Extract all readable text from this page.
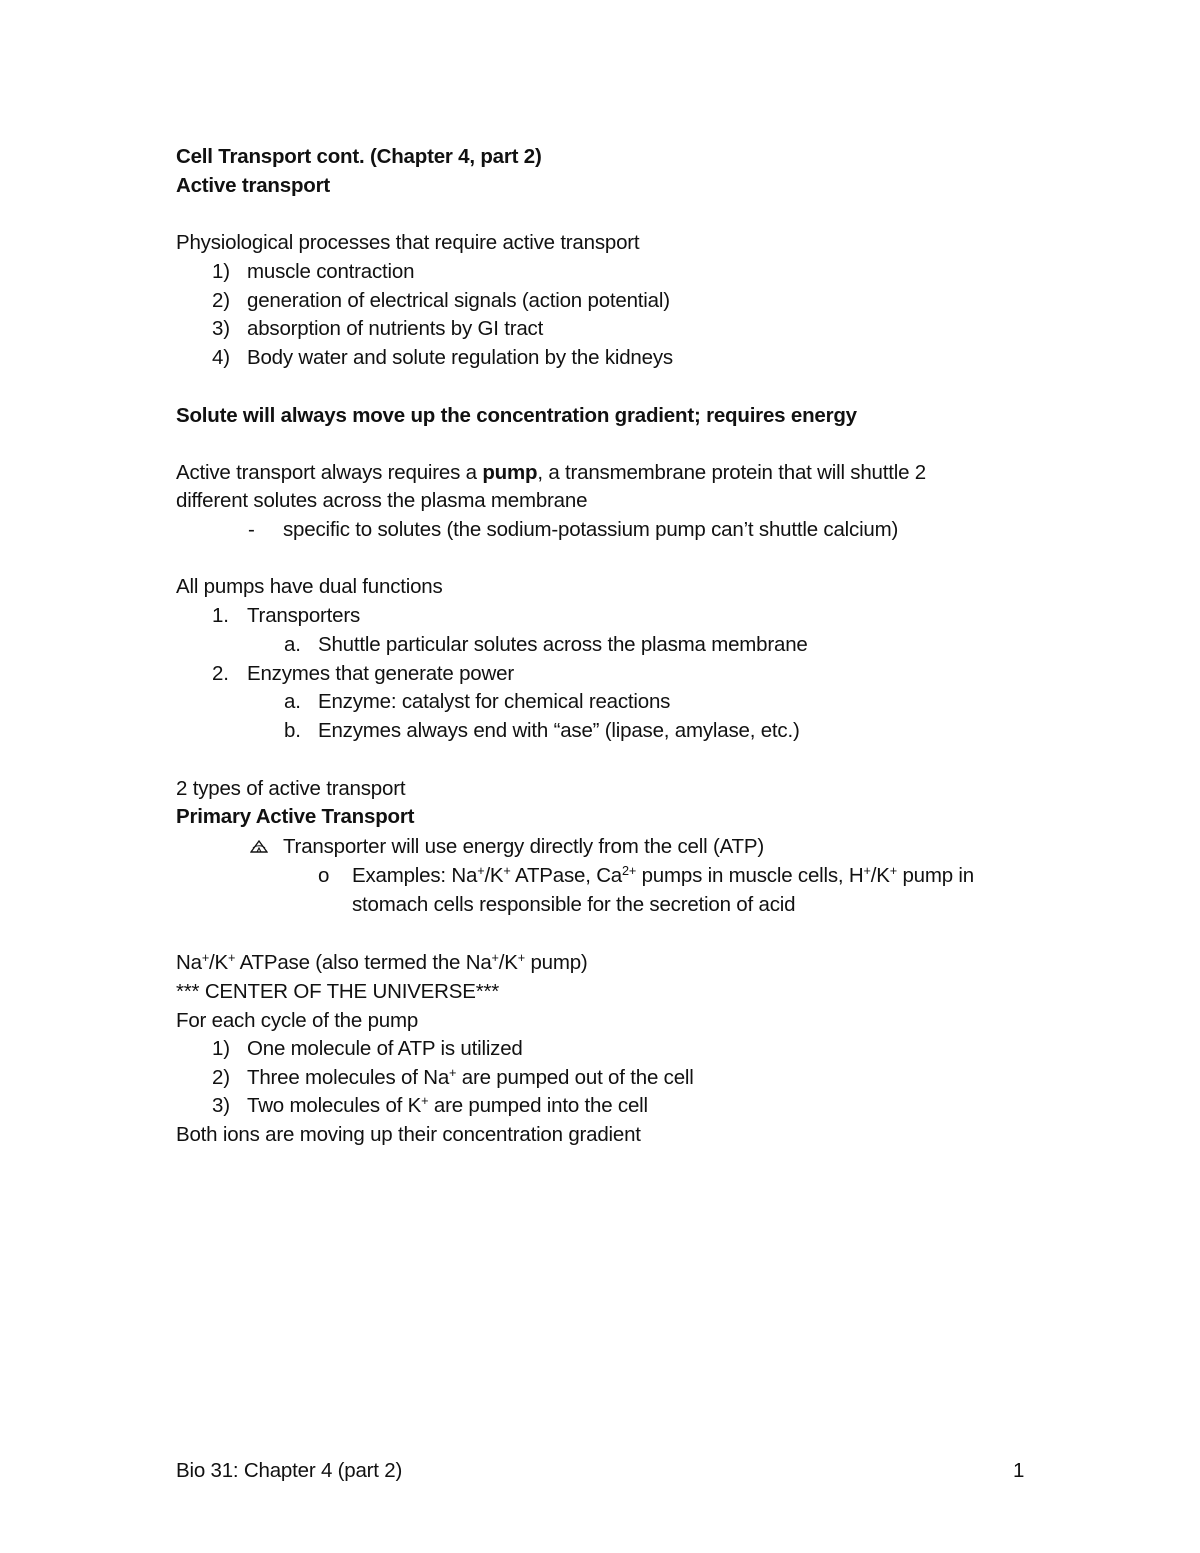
Cell Transport cont. (Chapter 4, part 2)
Active transport
Physiological processes that require active transport
1) muscle contraction
2) generation of electrical signals (action potential)
3) absorption of nutrients by GI tract
4) Body water and solute regulation by the kidneys
Solute will always move up the concentration gradient; requires energy
Active transport always requires a pump, a transmembrane protein that will shuttle 2
different solutes across the plasma membrane
- specific to solutes (the sodium-potassium pump can’t shuttle calcium)
All pumps have dual functions
1. Transporters
a. Shuttle particular solutes across the plasma membrane
2. Enzymes that generate power
a. Enzyme: catalyst for chemical reactions
b. Enzymes always end with “ase” (lipase, amylase, etc.)
2 types of active transport
Primary Active Transport
Transporter will use energy directly from the cell (ATP)
o Examples: Na+/K+ ATPase, $Ca^{2+}$ pumps in muscle cells, H+/K+ pump in
stomach cells responsible for the secretion of acid
Na+/K+ ATPase (also termed the Na+/K+ pump)
*** CENTER OF THE UNIVERSE***
For each cycle of the pump
1) One molecule of ATP is utilized
2) Three molecules of Na+ are pumped out of the cell
3) Two molecules of K+ are pumped into the cell
Both ions are moving up their concentration gradient
Bio 31: Chapter 4 (part 2)	1
